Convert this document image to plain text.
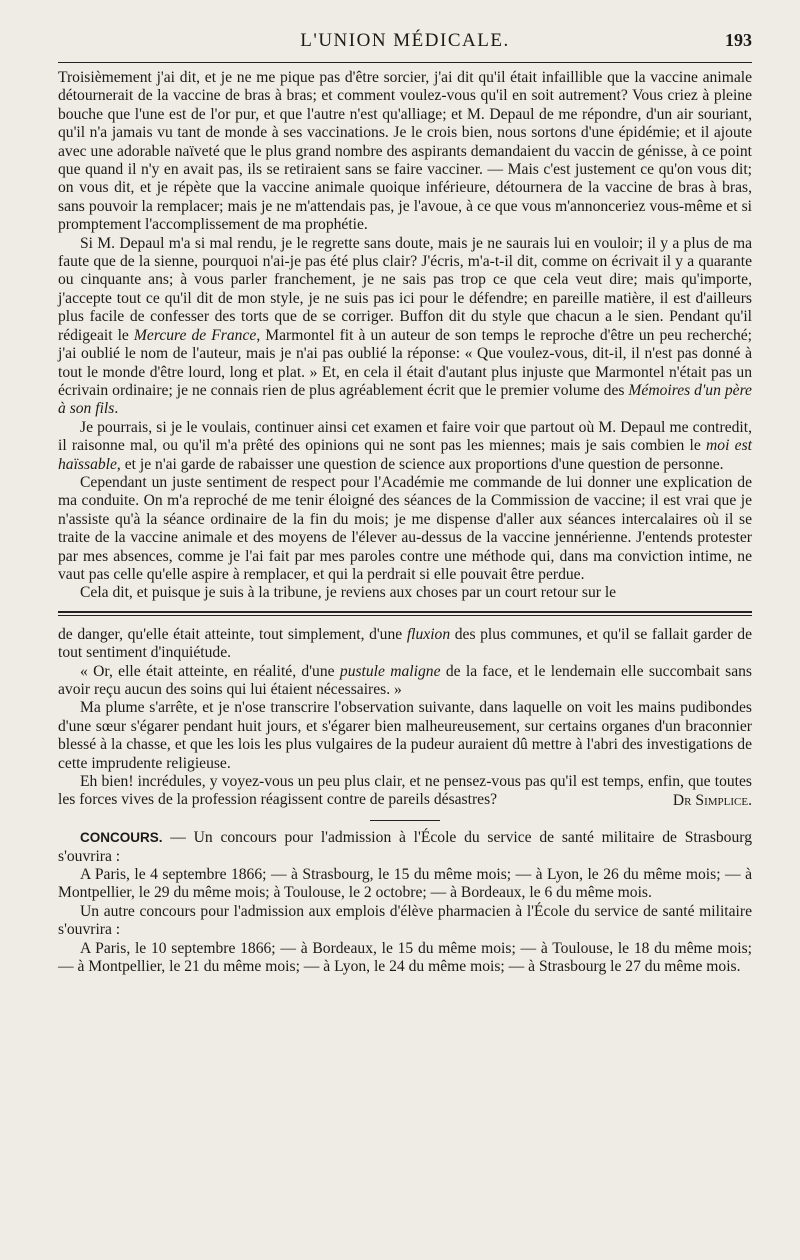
L'UNION MÉDICALE.	193

Troisièmement j'ai dit, et je ne me pique pas d'être sorcier, j'ai dit qu'il était infaillible que la vaccine animale détournerait de la vaccine de bras à bras; et comment voulez-vous qu'il en soit autrement? Vous criez à pleine bouche que l'une est de l'or pur, et que l'autre n'est qu'alliage; et M. Depaul de me répondre, d'un air souriant, qu'il n'a jamais vu tant de monde à ses vaccinations. Je le crois bien, nous sortons d'une épidémie; et il ajoute avec une adorable naïveté que le plus grand nombre des aspirants demandaient du vaccin de génisse, à ce point que quand il n'y en avait pas, ils se retiraient sans se faire vacciner. — Mais c'est justement ce qu'on vous dit; on vous dit, et je répète que la vaccine animale quoique inférieure, détournera de la vaccine de bras à bras, sans pouvoir la remplacer; mais je ne m'attendais pas, je l'avoue, à ce que vous m'annonceriez vous-même et si promptement l'accomplissement de ma prophétie.

Si M. Depaul m'a si mal rendu, je le regrette sans doute, mais je ne saurais lui en vouloir; il y a plus de ma faute que de la sienne, pourquoi n'ai-je pas été plus clair? J'écris, m'a-t-il dit, comme on écrivait il y a quarante ou cinquante ans; à vous parler franchement, je ne sais pas trop ce que cela veut dire; mais qu'importe, j'accepte tout ce qu'il dit de mon style, je ne suis pas ici pour le défendre; en pareille matière, il est d'ailleurs plus facile de confesser des torts que de se corriger. Buffon dit du style que chacun a le sien. Pendant qu'il rédigeait le Mercure de France, Marmontel fit à un auteur de son temps le reproche d'être un peu recherché; j'ai oublié le nom de l'auteur, mais je n'ai pas oublié la réponse: « Que voulez-vous, dit-il, il n'est pas donné à tout le monde d'être lourd, long et plat. » Et, en cela il était d'autant plus injuste que Marmontel n'était pas un écrivain ordinaire; je ne connais rien de plus agréablement écrit que le premier volume des Mémoires d'un père à son fils.

Je pourrais, si je le voulais, continuer ainsi cet examen et faire voir que partout où M. Depaul me contredit, il raisonne mal, ou qu'il m'a prêté des opinions qui ne sont pas les miennes; mais je sais combien le moi est haïssable, et je n'ai garde de rabaisser une question de science aux proportions d'une question de personne.

Cependant un juste sentiment de respect pour l'Académie me commande de lui donner une explication de ma conduite. On m'a reproché de me tenir éloigné des séances de la Commission de vaccine; il est vrai que je n'assiste qu'à la séance ordinaire de la fin du mois; je me dispense d'aller aux séances intercalaires où il se traite de la vaccine animale et des moyens de l'élever au-dessus de la vaccine jennérienne. J'entends protester par mes absences, comme je l'ai fait par mes paroles contre une méthode qui, dans ma conviction intime, ne vaut pas celle qu'elle aspire à remplacer, et qui la perdrait si elle pouvait être perdue.

Cela dit, et puisque je suis à la tribune, je reviens aux choses par un court retour sur le

de danger, qu'elle était atteinte, tout simplement, d'une fluxion des plus communes, et qu'il se fallait garder de tout sentiment d'inquiétude.

« Or, elle était atteinte, en réalité, d'une pustule maligne de la face, et le lendemain elle succombait sans avoir reçu aucun des soins qui lui étaient nécessaires. »

Ma plume s'arrête, et je n'ose transcrire l'observation suivante, dans laquelle on voit les mains pudibondes d'une sœur s'égarer pendant huit jours, et s'égarer bien malheureusement, sur certains organes d'un braconnier blessé à la chasse, et que les lois les plus vulgaires de la pudeur auraient dû mettre à l'abri des investigations de cette imprudente religieuse.

Eh bien! incrédules, y voyez-vous un peu plus clair, et ne pensez-vous pas qu'il est temps, enfin, que toutes les forces vives de la profession réagissent contre de pareils désastres?	Dr Simplice.

CONCOURS. — Un concours pour l'admission à l'École du service de santé militaire de Strasbourg s'ouvrira :

A Paris, le 4 septembre 1866; — à Strasbourg, le 15 du même mois; — à Lyon, le 26 du même mois; — à Montpellier, le 29 du même mois; à Toulouse, le 2 octobre; — à Bordeaux, le 6 du même mois.

Un autre concours pour l'admission aux emplois d'élève pharmacien à l'École du service de santé militaire s'ouvrira :

A Paris, le 10 septembre 1866; — à Bordeaux, le 15 du même mois; — à Toulouse, le 18 du même mois; — à Montpellier, le 21 du même mois; — à Lyon, le 24 du même mois; — à Strasbourg le 27 du même mois.
